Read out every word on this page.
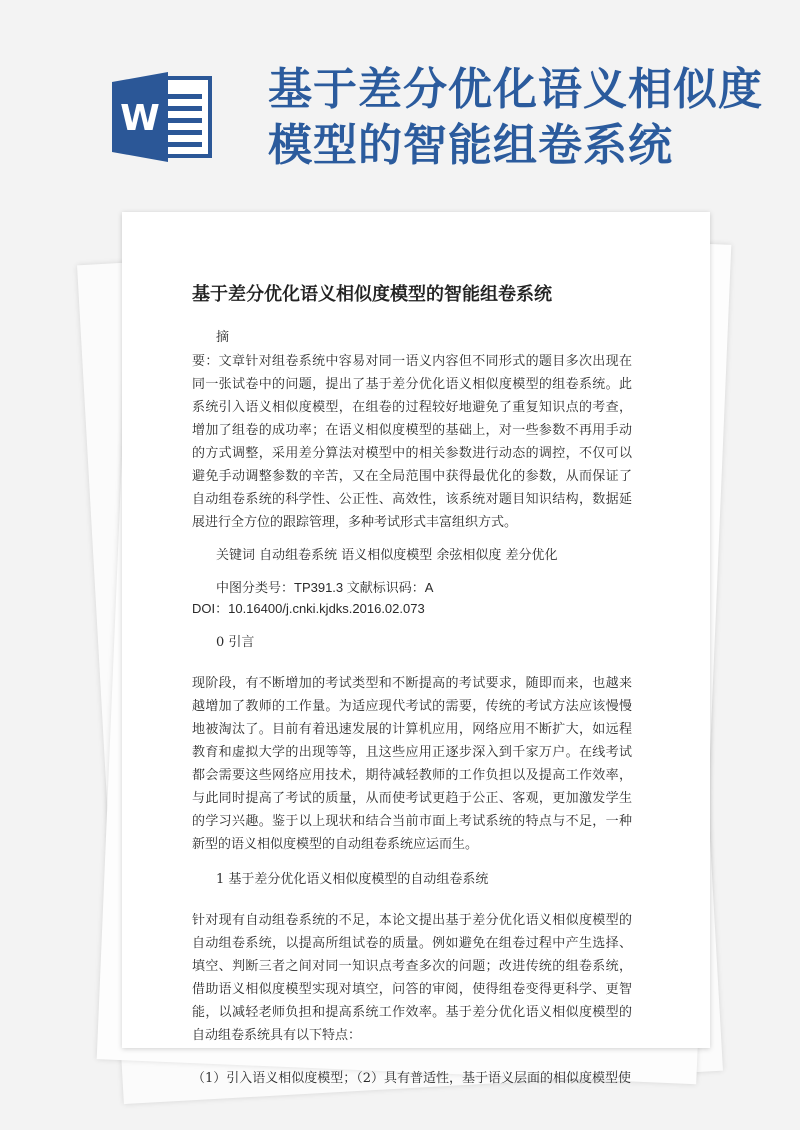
W
基于差分优化语义相似度模型的智能组卷系统
基于差分优化语义相似度模型的智能组卷系统

摘

要：文章针对组卷系统中容易对同一语义内容但不同形式的题目多次出现在同一张试卷中的问题，提出了基于差分优化语义相似度模型的组卷系统。此系统引入语义相似度模型，在组卷的过程较好地避免了重复知识点的考查，增加了组卷的成功率；在语义相似度模型的基础上，对一些参数不再用手动的方式调整，采用差分算法对模型中的相关参数进行动态的调控，不仅可以避免手动调整参数的辛苦，又在全局范围中获得最优化的参数，从而保证了自动组卷系统的科学性、公正性、高效性，该系统对题目知识结构，数据延展进行全方位的跟踪管理，多种考试形式丰富组织方式。

关键词 自动组卷系统 语义相似度模型 余弦相似度 差分优化

中图分类号：TP391.3 文献标识码：A

DOI：10.16400/j.cnki.kjdks.2016.02.073

0 引言

现阶段，有不断增加的考试类型和不断提高的考试要求，随即而来，也越来越增加了教师的工作量。为适应现代考试的需要，传统的考试方法应该慢慢地被淘汰了。目前有着迅速发展的计算机应用，网络应用不断扩大，如远程教育和虚拟大学的出现等等，且这些应用正逐步深入到千家万户。在线考试都会需要这些网络应用技术，期待减轻教师的工作负担以及提高工作效率，与此同时提高了考试的质量，从而使考试更趋于公正、客观，更加激发学生的学习兴趣。鉴于以上现状和结合当前市面上考试系统的特点与不足，一种新型的语义相似度模型的自动组卷系统应运而生。

1 基于差分优化语义相似度模型的自动组卷系统

针对现有自动组卷系统的不足，本论文提出基于差分优化语义相似度模型的自动组卷系统，以提高所组试卷的质量。例如避免在组卷过程中产生选择、填空、判断三者之间对同一知识点考查多次的问题；改进传统的组卷系统，借助语义相似度模型实现对填空，问答的审阅，使得组卷变得更科学、更智能，以减轻老师负担和提高系统工作效率。基于差分优化语义相似度模型的自动组卷系统具有以下特点：

（1）引入语义相似度模型；（2）具有普适性，基于语义层面的相似度模型使
